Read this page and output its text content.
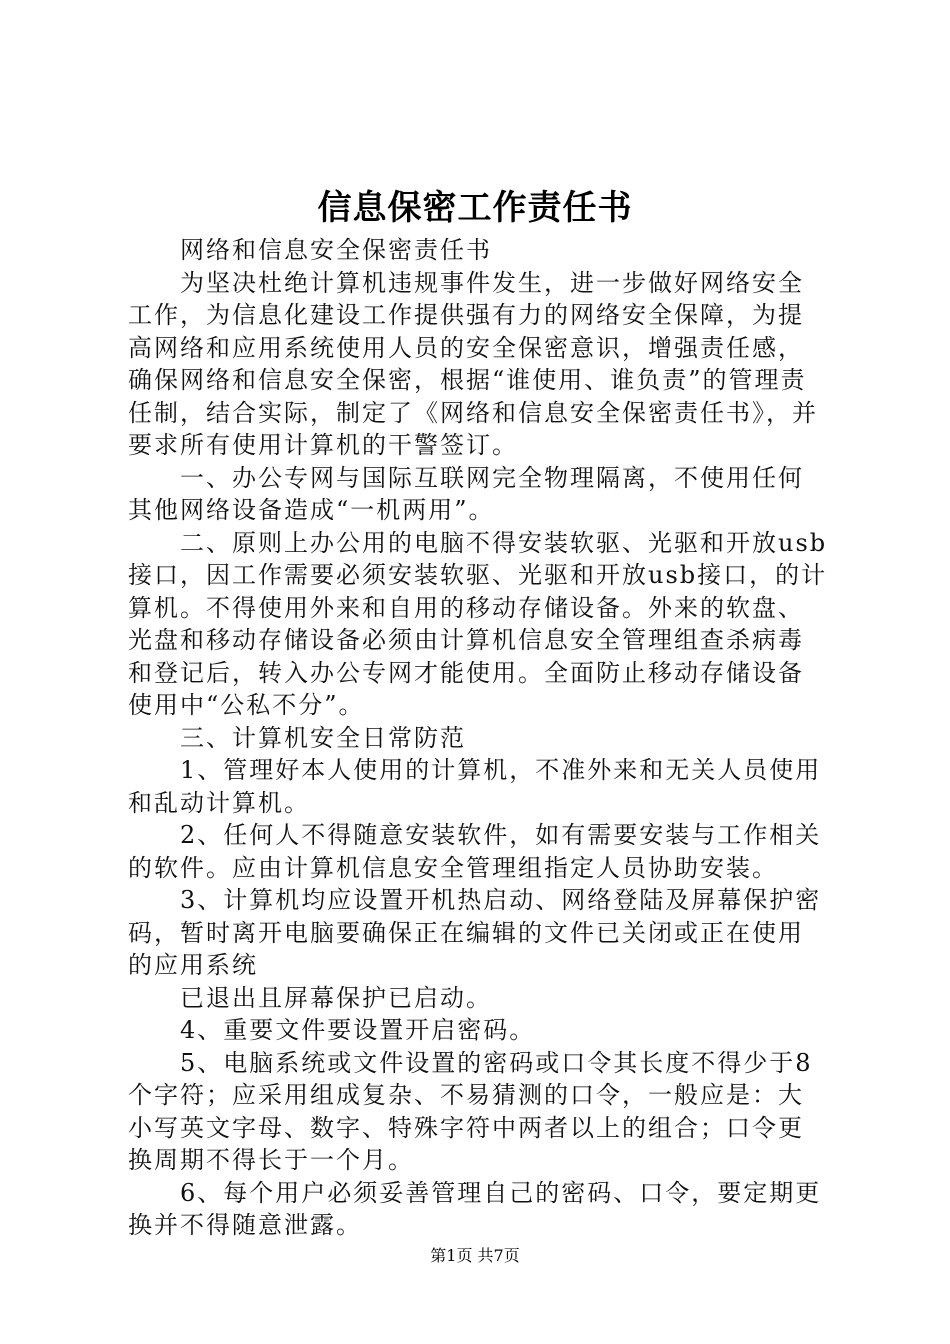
信息保密工作责任书

网络和信息安全保密责任书

为坚决杜绝计算机违规事件发生，进一步做好网络安全工作，为信息化建设工作提供强有力的网络安全保障，为提高网络和应用系统使用人员的安全保密意识，增强责任感，确保网络和信息安全保密，根据“谁使用、谁负责”的管理责任制，结合实际，制定了《网络和信息安全保密责任书》，并要求所有使用计算机的干警签订。

一、办公专网与国际互联网完全物理隔离，不使用任何其他网络设备造成“一机两用”。

二、原则上办公用的电脑不得安装软驱、光驱和开放usb接口，因工作需要必须安装软驱、光驱和开放usb接口，的计算机。不得使用外来和自用的移动存储设备。外来的软盘、光盘和移动存储设备必须由计算机信息安全管理组查杀病毒和登记后，转入办公专网才能使用。全面防止移动存储设备使用中“公私不分”。

三、计算机安全日常防范

1、管理好本人使用的计算机，不准外来和无关人员使用和乱动计算机。

2、任何人不得随意安装软件，如有需要安装与工作相关的软件。应由计算机信息安全管理组指定人员协助安装。

3、计算机均应设置开机热启动、网络登陆及屏幕保护密码，暂时离开电脑要确保正在编辑的文件已关闭或正在使用的应用系统

已退出且屏幕保护已启动。

4、重要文件要设置开启密码。

5、电脑系统或文件设置的密码或口令其长度不得少于8个字符；应采用组成复杂、不易猜测的口令，一般应是：大小写英文字母、数字、特殊字符中两者以上的组合；口令更换周期不得长于一个月。

6、每个用户必须妥善管理自己的密码、口令，要定期更换并不得随意泄露。

第1页 共7页
